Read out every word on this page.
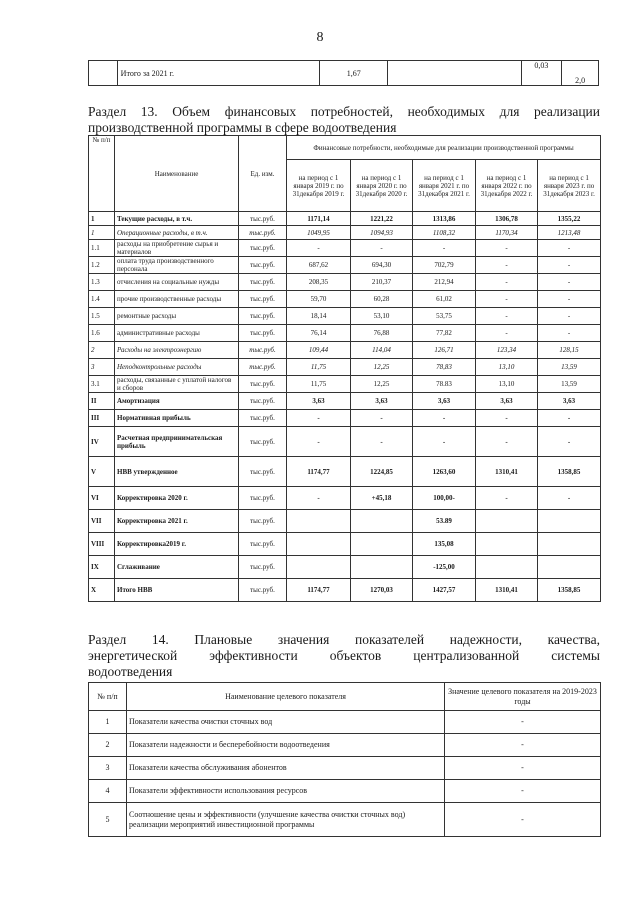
8
	Итого за 2021 г.	1,67		0,03	2,0
Раздел 13. Объем финансовых потребностей, необходимых для реализации
производственной программы в сфере водоотведения
№ п/п	Наименование	Ед. изм.	Финансовые потребности, необходимые для реализации производственной программы				
			на период с 1 января 2019 г. по 31декабря 2019 г.	на период с 1 января 2020 г. по 31декабря 2020 г.	на период с 1 января 2021 г. по 31декабря 2021 г.	на период с 1 января 2022 г. по 31декабря 2022 г.	на период с 1 января 2023 г. по 31декабря 2023 г.
1	Текущие расходы, в т.ч.	тыс.руб.	1171,14	1221,22	1313,86	1306,78	1355,22
1	Операционные расходы, в т.ч.	тыс.руб.	1049,95	1094,93	1108,32	1170,34	1213,48
1.1	расходы на приобретение сырья и материалов	тыс.руб.	-	-	-	-	-
1.2	оплата труда производственного персонала	тыс.руб.	687,62	694,30	702,79	-	-
1.3	отчисления на социальные нужды	тыс.руб.	208,35	210,37	212,94	-	-
1.4	прочие производственные расходы	тыс.руб.	59,70	60,28	61,02	-	-
1.5	ремонтные расходы	тыс.руб.	18,14	53,10	53,75	-	-
1.6	административные расходы	тыс.руб.	76,14	76,88	77,82	-	-
2	Расходы на электроэнергию	тыс.руб.	109,44	114,04	126,71	123,34	128,15
3	Неподконтрольные расходы	тыс.руб.	11,75	12,25	78,83	13,10	13,59
3.1	расходы, связанные с уплатой налогов и сборов	тыс.руб.	11,75	12,25	78.83	13,10	13,59
II	Амортизация	тыс.руб.	3,63	3,63	3,63	3,63	3,63
III	Нормативная прибыль	тыс.руб.	-	-	-	-	-
IV	Расчетная предпринимательская прибыль	тыс.руб.	-	-	-	-	-
V	НВВ утвержденное	тыс.руб.	1174,77	1224,85	1263,60	1310,41	1358,85
VI	Корректировка 2020 г.	тыс.руб.	-	+45,18	100,00-	-	-
VII	Корректировка 2021 г.	тыс.руб.			53.89		
VIII	Корректировка2019 г.	тыс.руб.			135,08		
IX	Сглаживание	тыс.руб.			-125,00		
X	Итого НВВ	тыс.руб.	1174,77	1270,03	1427,57	1310,41	1358,85
Раздел 14. Плановые значения показателей надежности, качества,
энергетической эффективности объектов централизованной системы
водоотведения
№ п/п	Наименование целевого показателя	Значение целевого показателя на 2019-2023 годы
1	Показатели качества очистки сточных вод	-
2	Показатели надежности и бесперебойности водоотведения	-
3	Показатели качества обслуживания абонентов	-
4	Показатели эффективности использования ресурсов	-
5	Соотношение цены и эффективности (улучшение качества очистки сточных вод) реализации мероприятий инвестиционной программы	-
